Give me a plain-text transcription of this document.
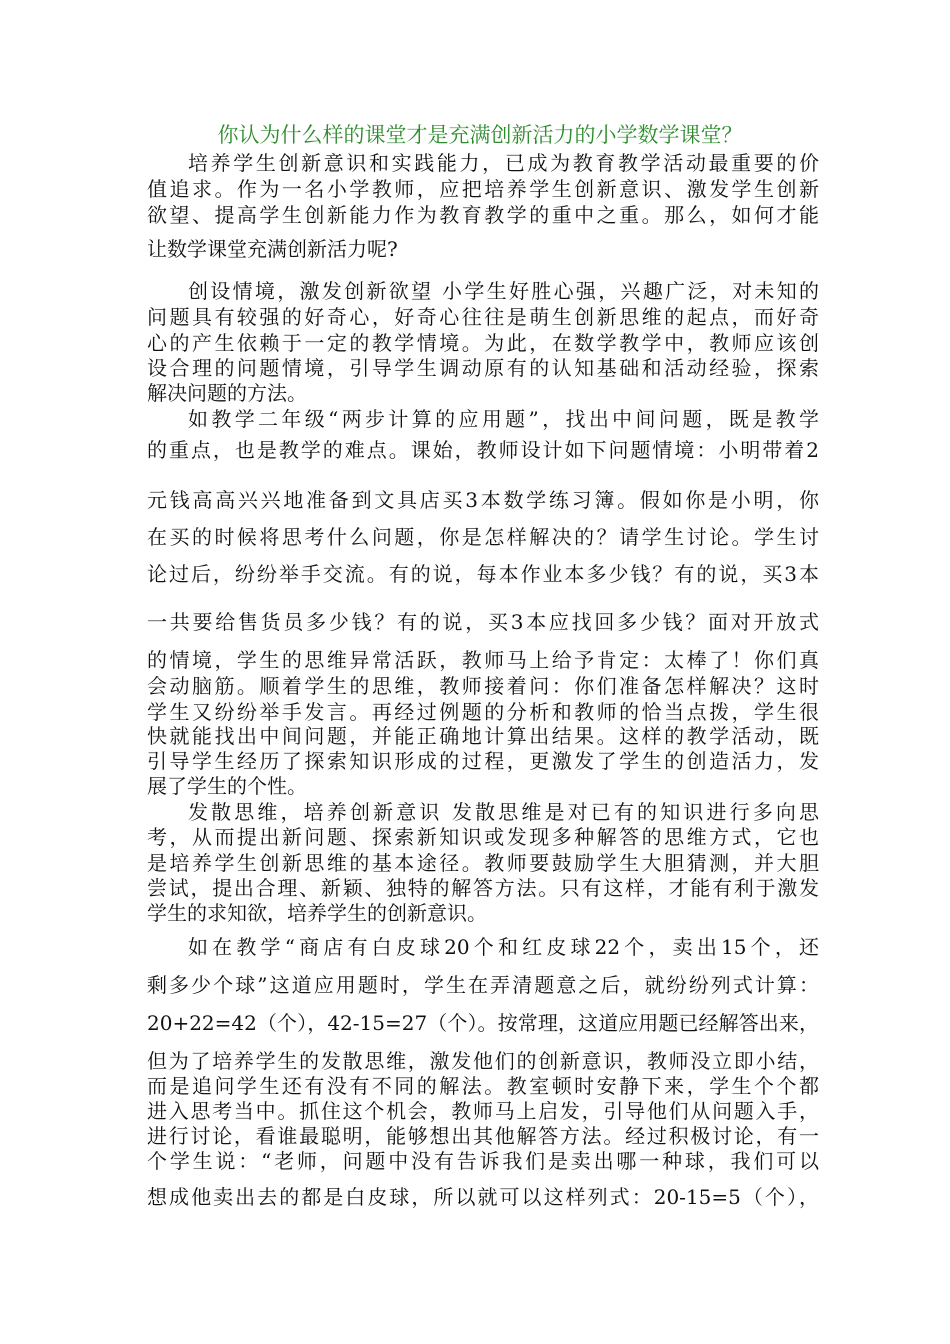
你认为什么样的课堂才是充满创新活力的小学数学课堂？
培养学生创新意识和实践能力，已成为教育教学活动最重要的价
值追求。作为一名小学教师，应把培养学生创新意识、激发学生创新
欲望、提高学生创新能力作为教育教学的重中之重。那么，如何才能
让数学课堂充满创新活力呢?
创设情境，激发创新欲望 小学生好胜心强，兴趣广泛，对未知的
问题具有较强的好奇心，好奇心往往是萌生创新思维的起点，而好奇
心的产生依赖于一定的教学情境。为此，在数学教学中，教师应该创
设合理的问题情境，引导学生调动原有的认知基础和活动经验，探索
解决问题的方法。
如教学二年级“两步计算的应用题”，找出中间问题，既是教学
的重点，也是教学的难点。课始，教师设计如下问题情境：小明带着2
元钱高高兴兴地准备到文具店买3本数学练习簿。假如你是小明，你
在买的时候将思考什么问题，你是怎样解决的？请学生讨论。学生讨
论过后，纷纷举手交流。有的说，每本作业本多少钱？有的说，买3本
一共要给售货员多少钱？有的说，买3本应找回多少钱？面对开放式
的情境，学生的思维异常活跃，教师马上给予肯定：太棒了！你们真
会动脑筋。顺着学生的思维，教师接着问：你们准备怎样解决？这时
学生又纷纷举手发言。再经过例题的分析和教师的恰当点拨，学生很
快就能找出中间问题，并能正确地计算出结果。这样的教学活动，既
引导学生经历了探索知识形成的过程，更激发了学生的创造活力，发
展了学生的个性。
发散思维，培养创新意识 发散思维是对已有的知识进行多向思
考，从而提出新问题、探索新知识或发现多种解答的思维方式，它也
是培养学生创新思维的基本途径。教师要鼓励学生大胆猜测，并大胆
尝试，提出合理、新颖、独特的解答方法。只有这样，才能有利于激发
学生的求知欲，培养学生的创新意识。
如在教学“商店有白皮球20个和红皮球22个，卖出15个，还
剩多少个球”这道应用题时，学生在弄清题意之后，就纷纷列式计算：
20+22=42（个），42-15=27（个）。按常理，这道应用题已经解答出来，
但为了培养学生的发散思维，激发他们的创新意识，教师没立即小结，
而是追问学生还有没有不同的解法。教室顿时安静下来，学生个个都
进入思考当中。抓住这个机会，教师马上启发，引导他们从问题入手，
进行讨论，看谁最聪明，能够想出其他解答方法。经过积极讨论，有一
个学生说：“老师，问题中没有告诉我们是卖出哪一种球，我们可以
想成他卖出去的都是白皮球，所以就可以这样列式：20-15=5（个），
